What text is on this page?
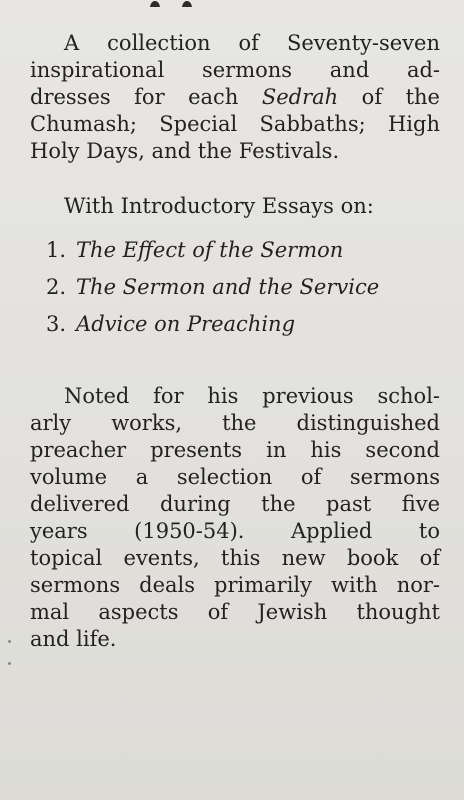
A collection of Seventy-seven
inspirational sermons and ad-
dresses for each Sedrah of the
Chumash; Special Sabbaths; High
Holy Days, and the Festivals.

With Introductory Essays on:
1. The Effect of the Sermon
2. The Sermon and the Service
3. Advice on Preaching

Noted for his previous schol-
arly works, the distinguished
preacher presents in his second
volume a selection of sermons
delivered during the past five
years (1950-54). Applied to
topical events, this new book of
sermons deals primarily with nor-
mal aspects of Jewish thought
and life.
